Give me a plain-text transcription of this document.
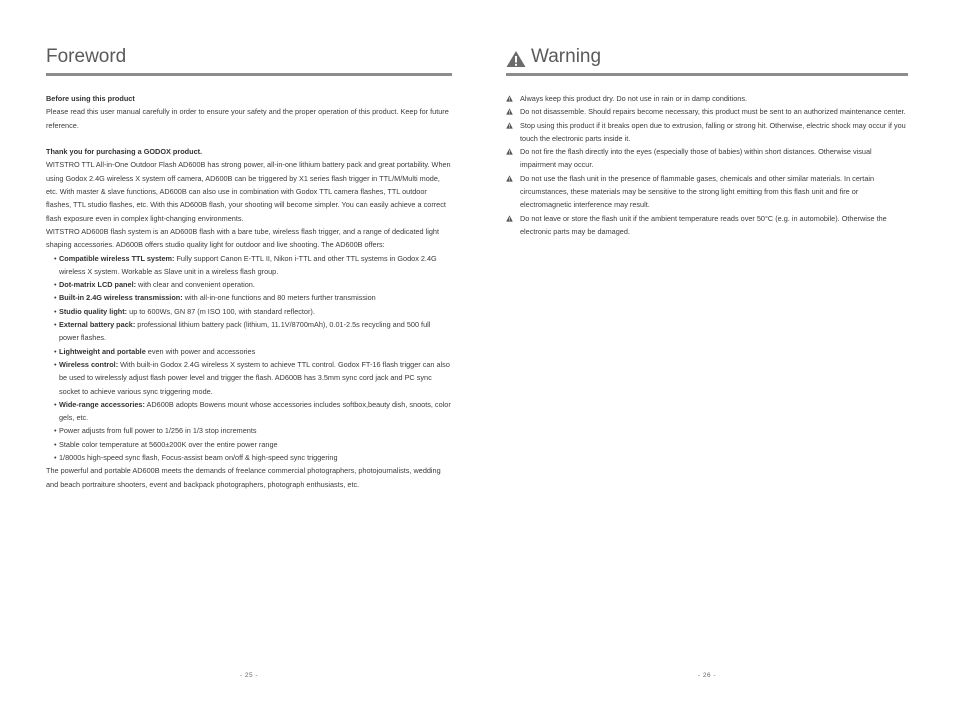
Foreword

Before using this product

Please read this user manual carefully in order to ensure your safety and the proper operation of this product. Keep for future reference.

Thank you for purchasing a GODOX product.

WITSTRO TTL All-in-One Outdoor Flash AD600B has strong power, all-in-one lithium battery pack and great portability. When using Godox 2.4G wireless X system off camera, AD600B can be triggered by X1 series flash trigger in TTL/M/Multi mode, etc. With master & slave functions, AD600B can also use in combination with Godox TTL camera flashes, TTL outdoor flashes, TTL studio flashes, etc. With this AD600B flash, your shooting will become simpler. You can easily achieve a correct flash exposure even in complex light-changing environments.

WITSTRO AD600B flash system is an AD600B flash with a bare tube, wireless flash trigger, and a range of dedicated light shaping accessories. AD600B offers studio quality light for outdoor and live shooting. The AD600B offers:

• Compatible wireless TTL system: Fully support Canon E-TTL II, Nikon i-TTL and other TTL systems in Godox 2.4G wireless X system. Workable as Slave unit in a wireless flash group.
• Dot-matrix LCD panel: with clear and convenient operation.
• Built-in 2.4G wireless transmission: with all-in-one functions and 80 meters further transmission
• Studio quality light: up to 600Ws, GN 87 (m ISO 100, with standard reflector).
• External battery pack: professional lithium battery pack (lithium, 11.1V/8700mAh), 0.01-2.5s recycling and 500 full power flashes.
• Lightweight and portable even with power and accessories
• Wireless control: With built-in Godox 2.4G wireless X system to achieve TTL control. Godox FT-16 flash trigger can also be used to wirelessly adjust flash power level and trigger the flash. AD600B has 3.5mm sync cord jack and PC sync socket to achieve various sync triggering mode.
• Wide-range accessories: AD600B adopts Bowens mount whose accessories includes softbox,beauty dish, snoots, color gels, etc.
• Power adjusts from full power to 1/256 in 1/3 stop increments
• Stable color temperature at 5600±200K over the entire power range
• 1/8000s high-speed sync flash, Focus-assist beam on/off & high-speed sync triggering

The powerful and portable AD600B meets the demands of freelance commercial photographers, photojournalists, wedding and beach portraiture shooters, event and backpack photographers, photograph enthusiasts, etc.

- 25 -
Warning
Always keep this product dry. Do not use in rain or in damp conditions.
Do not disassemble. Should repairs become necessary, this product must be sent to an authorized maintenance center.
Stop using this product if it breaks open due to extrusion, falling or strong hit. Otherwise, electric shock may occur if you touch the electronic parts inside it.
Do not fire the flash directly into the eyes (especially those of babies) within short distances. Otherwise visual impairment may occur.
Do not use the flash unit in the presence of flammable gases, chemicals and other similar materials. In certain circumstances, these materials may be sensitive to the strong light emitting from this flash unit and fire or electromagnetic interference may result.
Do not leave or store the flash unit if the ambient temperature reads over 50°C (e.g. in automobile). Otherwise the electronic parts may be damaged.
- 26 -
